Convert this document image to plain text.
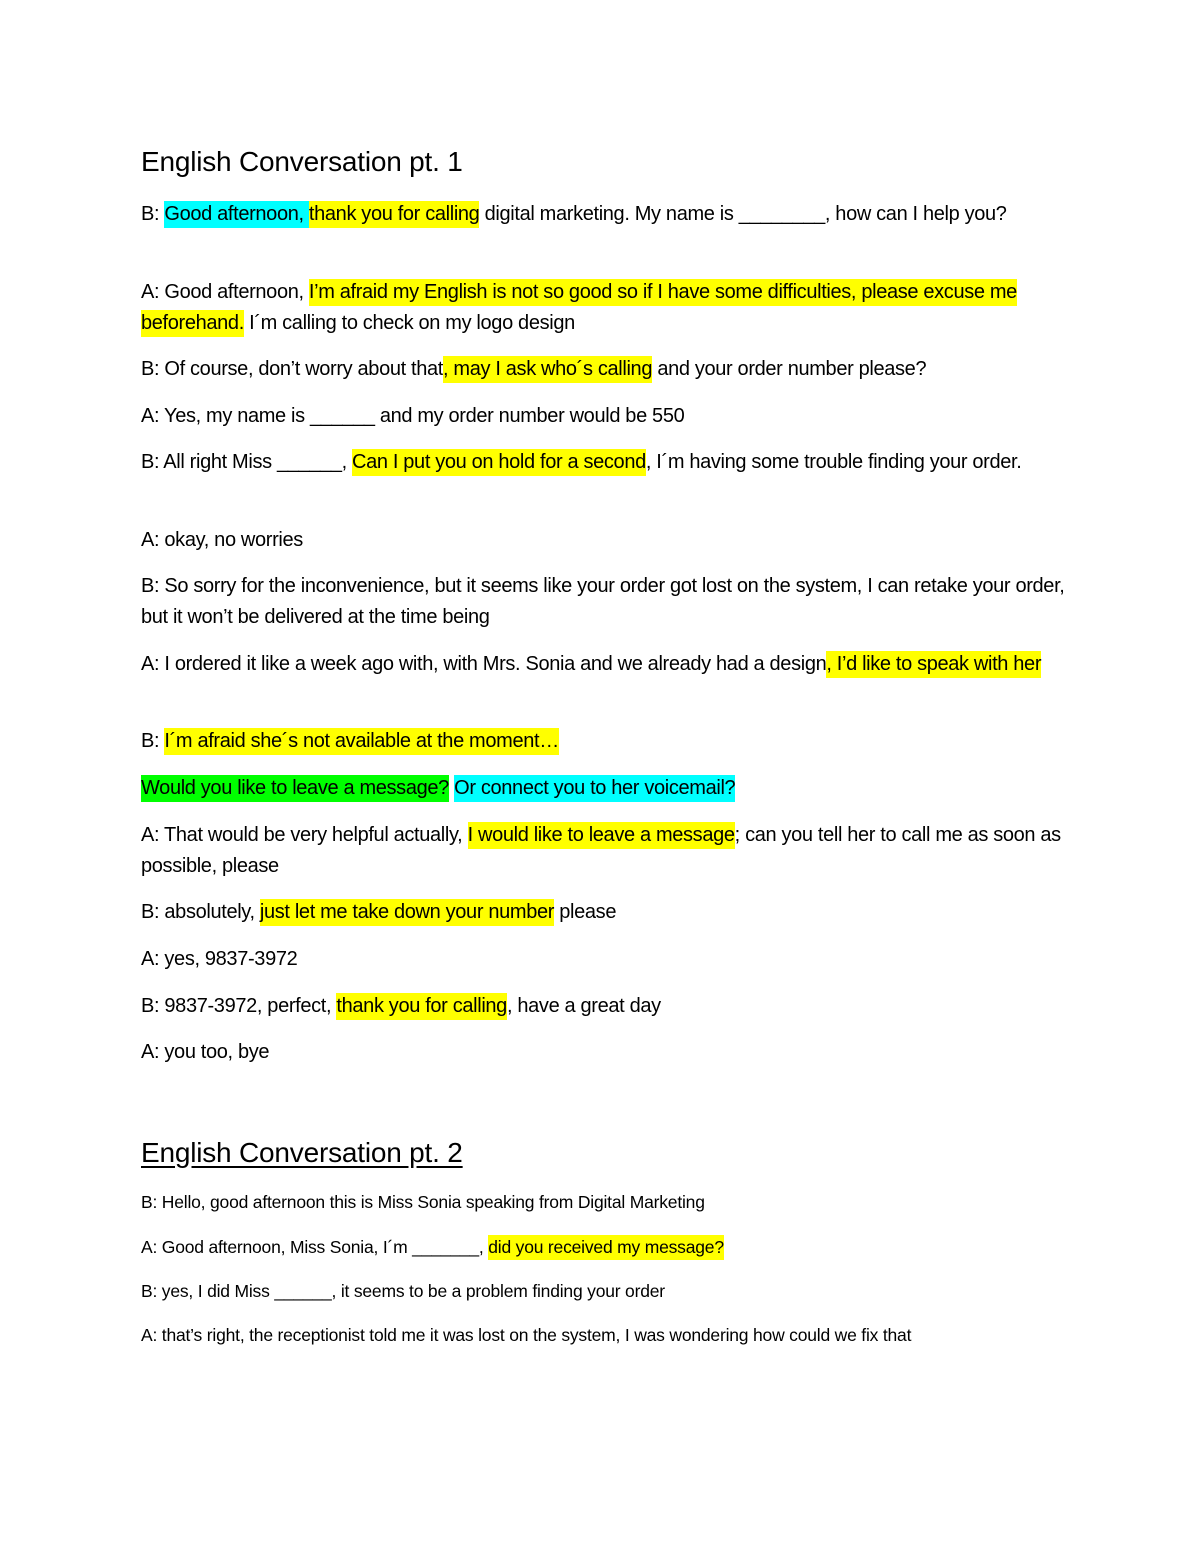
English Conversation pt. 1

B: Good afternoon, thank you for calling digital marketing. My name is ________, how can I help you?

A: Good afternoon, I’m afraid my English is not so good so if I have some difficulties, please excuse me beforehand. I´m calling to check on my logo design

B: Of course, don’t worry about that, may I ask who´s calling and your order number please?

A: Yes, my name is ______ and my order number would be 550

B: All right Miss ______, Can I put you on hold for a second, I´m having some trouble finding your order.

A: okay, no worries

B: So sorry for the inconvenience, but it seems like your order got lost on the system, I can retake your order, but it won’t be delivered at the time being

A: I ordered it like a week ago with, with Mrs. Sonia and we already had a design, I’d like to speak with her

B: I´m afraid she´s not available at the moment…

Would you like to leave a message? Or connect you to her voicemail?

A: That would be very helpful actually, I would like to leave a message; can you tell her to call me as soon as possible, please

B: absolutely, just let me take down your number please

A: yes, 9837-3972

B: 9837-3972, perfect, thank you for calling, have a great day

A: you too, bye

English Conversation pt. 2

B: Hello, good afternoon this is Miss Sonia speaking from Digital Marketing

A: Good afternoon, Miss Sonia, I´m _______, did you received my message?

B: yes, I did Miss ______, it seems to be a problem finding your order

A: that’s right, the receptionist told me it was lost on the system, I was wondering how could we fix that
